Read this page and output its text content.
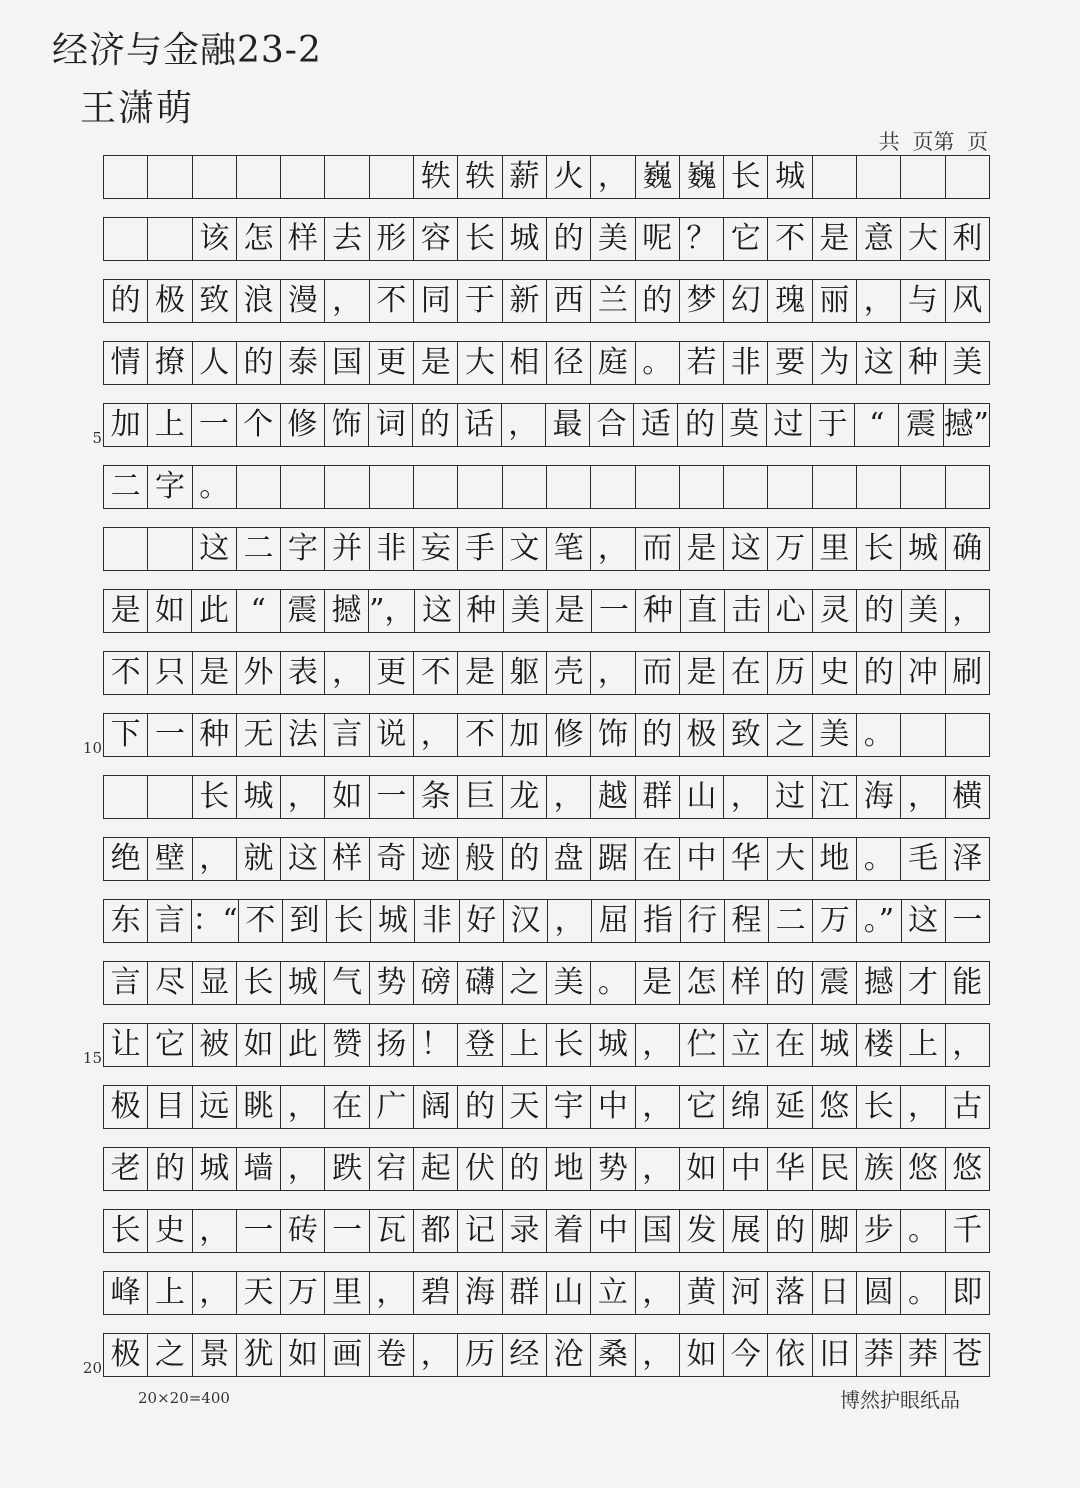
经济与金融23-2
王潇萌
共 页第 页
轶 轶 薪 火 ， 巍 巍 长 城
该 怎 样 去 形 容 长 城 的 美 呢 ？ 它 不 是 意 大 利
的 极 致 浪 漫 ， 不 同 于 新 西 兰 的 梦 幻 瑰 丽 ， 与 风
情 撩 人 的 泰 国 更 是 大 相 径 庭 。 若 非 要 为 这 种 美
加 上 一 个 修 饰 词 的 话 ， 最 合 适 的 莫 过 于 “ 震 撼”
二 字 。
这 二 字 并 非 妄 手 文 笔 ， 而 是 这 万 里 长 城 确
是 如 此 “ 震 撼 ”， 这 种 美 是 一 种 直 击 心 灵 的 美 ，
不 只 是 外 表 ， 更 不 是 躯 壳 ， 而 是 在 历 史 的 冲 刷
下 一 种 无 法 言 说 ， 不 加 修 饰 的 极 致 之 美 。
长 城 ， 如 一 条 巨 龙 ， 越 群 山 ， 过 江 海 ， 横
绝 壁 ， 就 这 样 奇 迹 般 的 盘 踞 在 中 华 大 地 。 毛 泽
东 言 ：“ 不 到 长 城 非 好 汉 ， 屈 指 行 程 二 万 。” 这 一
言 尽 显 长 城 气 势 磅 礴 之 美 。 是 怎 样 的 震 撼 才 能
让 它 被 如 此 赞 扬 ！ 登 上 长 城 ， 伫 立 在 城 楼 上 ，
极 目 远 眺 ， 在 广 阔 的 天 宇 中 ， 它 绵 延 悠 长 ， 古
老 的 城 墙 ， 跌 宕 起 伏 的 地 势 ， 如 中 华 民 族 悠 悠
长 史 ， 一 砖 一 瓦 都 记 录 着 中 国 发 展 的 脚 步 。 千
峰 上 ， 天 万 里 ， 碧 海 群 山 立 ， 黄 河 落 日 圆 。 即
极 之 景 犹 如 画 卷 ， 历 经 沧 桑 ， 如 今 依 旧 莽 莽 苍
5
10
15
20
20×20=400	博然护眼纸品
